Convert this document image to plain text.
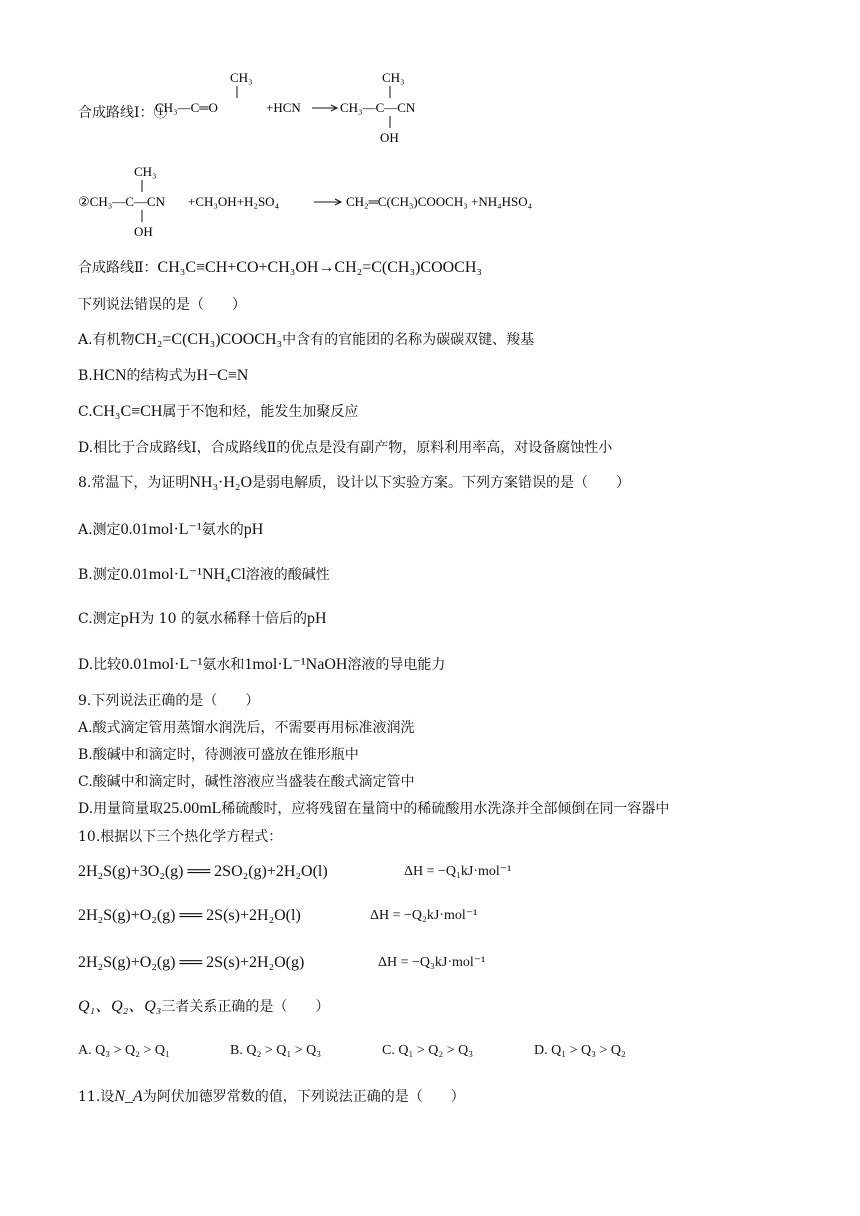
合成路线Ⅰ：①
CH₃
CH₃—C═O	+HCN
CH₃
CH₃—C—CN
OH
CH₃
②CH₃—C—CN
OH
+CH₃OH+H₂SO₄	CH₂═C(CH₃)COOCH₃ +NH₄HSO₄
合成路线Ⅱ：CH₃C≡CH+CO+CH₃OH→CH₂=C(CH₃)COOCH₃
下列说法错误的是（　　）
A.有机物CH₂=C(CH₃)COOCH₃中含有的官能团的名称为碳碳双键、羧基
B.HCN的结构式为H−C≡N
C.CH₃C≡CH属于不饱和烃，能发生加聚反应
D.相比于合成路线Ⅰ，合成路线Ⅱ的优点是没有副产物，原料利用率高，对设备腐蚀性小
8.常温下，为证明NH₃·H₂O是弱电解质，设计以下实验方案。下列方案错误的是（　　）
A.测定0.01mol·L⁻¹氨水的pH
B.测定0.01mol·L⁻¹NH₄Cl溶液的酸碱性
C.测定pH为 10 的氨水稀释十倍后的pH
D.比较0.01mol·L⁻¹氨水和1mol·L⁻¹NaOH溶液的导电能力
9.下列说法正确的是（　　）
A.酸式滴定管用蒸馏水润洗后，不需要再用标准液润洗
B.酸碱中和滴定时，待测液可盛放在锥形瓶中
C.酸碱中和滴定时，碱性溶液应当盛装在酸式滴定管中
D.用量筒量取25.00mL稀硫酸时，应将残留在量筒中的稀硫酸用水洗涤并全部倾倒在同一容器中
10.根据以下三个热化学方程式：
2H₂S(g)+3O₂(g) ══ 2SO₂(g)+2H₂O(l)	ΔH = −Q₁kJ·mol⁻¹
2H₂S(g)+O₂(g) ══ 2S(s)+2H₂O(l)	ΔH = −Q₂kJ·mol⁻¹
2H₂S(g)+O₂(g) ══ 2S(s)+2H₂O(g)	ΔH = −Q₃kJ·mol⁻¹
Q₁、Q₂、Q₃三者关系正确的是（　　）
A. Q₃ > Q₂ > Q₁	B. Q₂ > Q₁ > Q₃	C. Q₁ > Q₂ > Q₃	D. Q₁ > Q₃ > Q₂
11.设N_A为阿伏加德罗常数的值，下列说法正确的是（　　）
